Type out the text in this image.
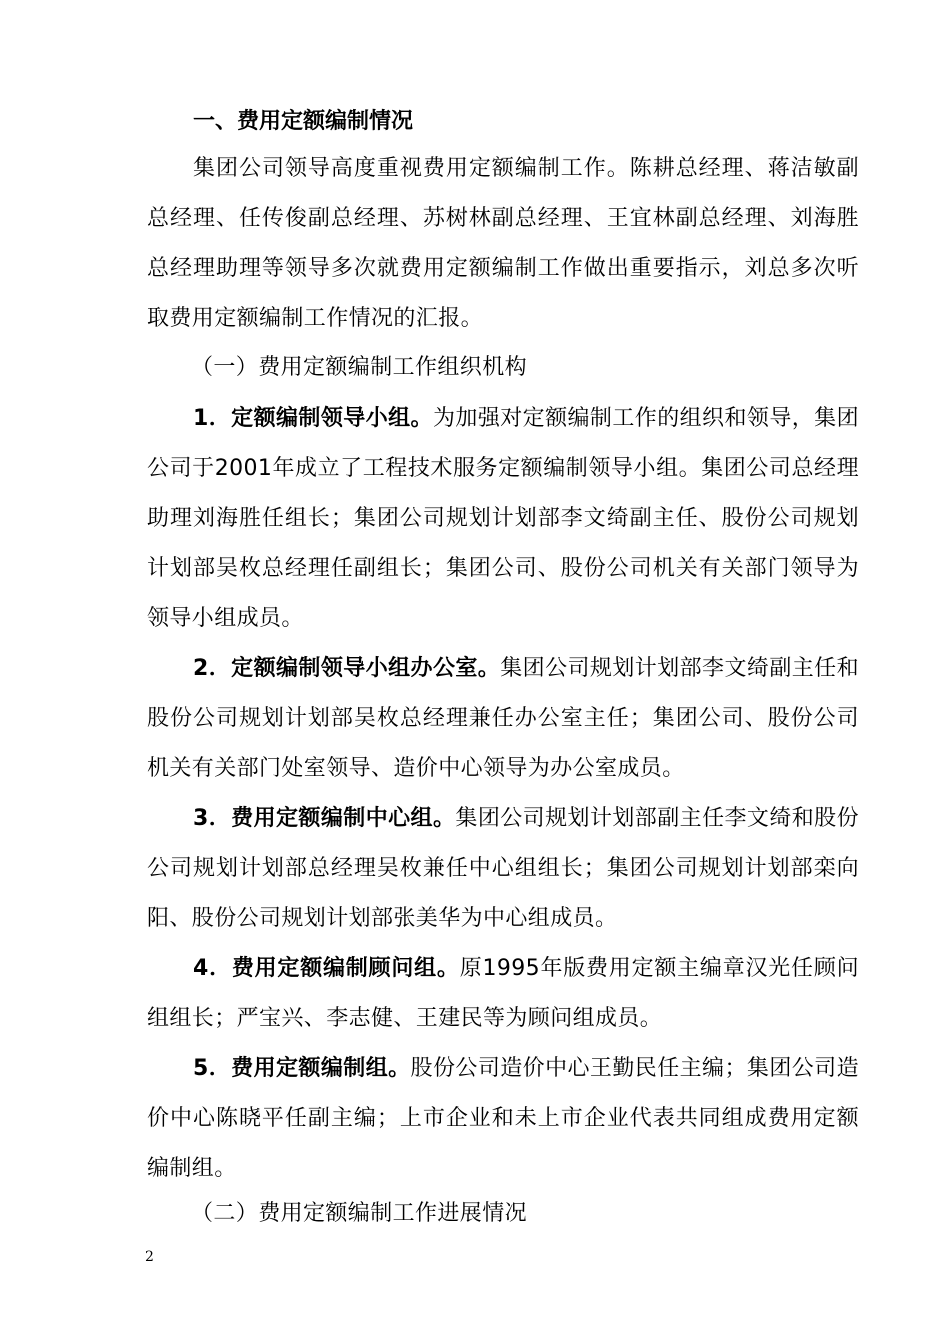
一、费用定额编制情况
集团公司领导高度重视费用定额编制工作。陈耕总经理、蒋洁敏副总经理、任传俊副总经理、苏树林副总经理、王宜林副总经理、刘海胜总经理助理等领导多次就费用定额编制工作做出重要指示，刘总多次听取费用定额编制工作情况的汇报。
（一）费用定额编制工作组织机构
1．定额编制领导小组。为加强对定额编制工作的组织和领导，集团公司于2001年成立了工程技术服务定额编制领导小组。集团公司总经理助理刘海胜任组长；集团公司规划计划部李文绮副主任、股份公司规划计划部吴枚总经理任副组长；集团公司、股份公司机关有关部门领导为领导小组成员。
2．定额编制领导小组办公室。集团公司规划计划部李文绮副主任和股份公司规划计划部吴枚总经理兼任办公室主任；集团公司、股份公司机关有关部门处室领导、造价中心领导为办公室成员。
3．费用定额编制中心组。集团公司规划计划部副主任李文绮和股份公司规划计划部总经理吴枚兼任中心组组长；集团公司规划计划部栾向阳、股份公司规划计划部张美华为中心组成员。
4．费用定额编制顾问组。原1995年版费用定额主编章汉光任顾问组组长；严宝兴、李志健、王建民等为顾问组成员。
5．费用定额编制组。股份公司造价中心王勤民任主编；集团公司造价中心陈晓平任副主编；上市企业和未上市企业代表共同组成费用定额编制组。
（二）费用定额编制工作进展情况
2
